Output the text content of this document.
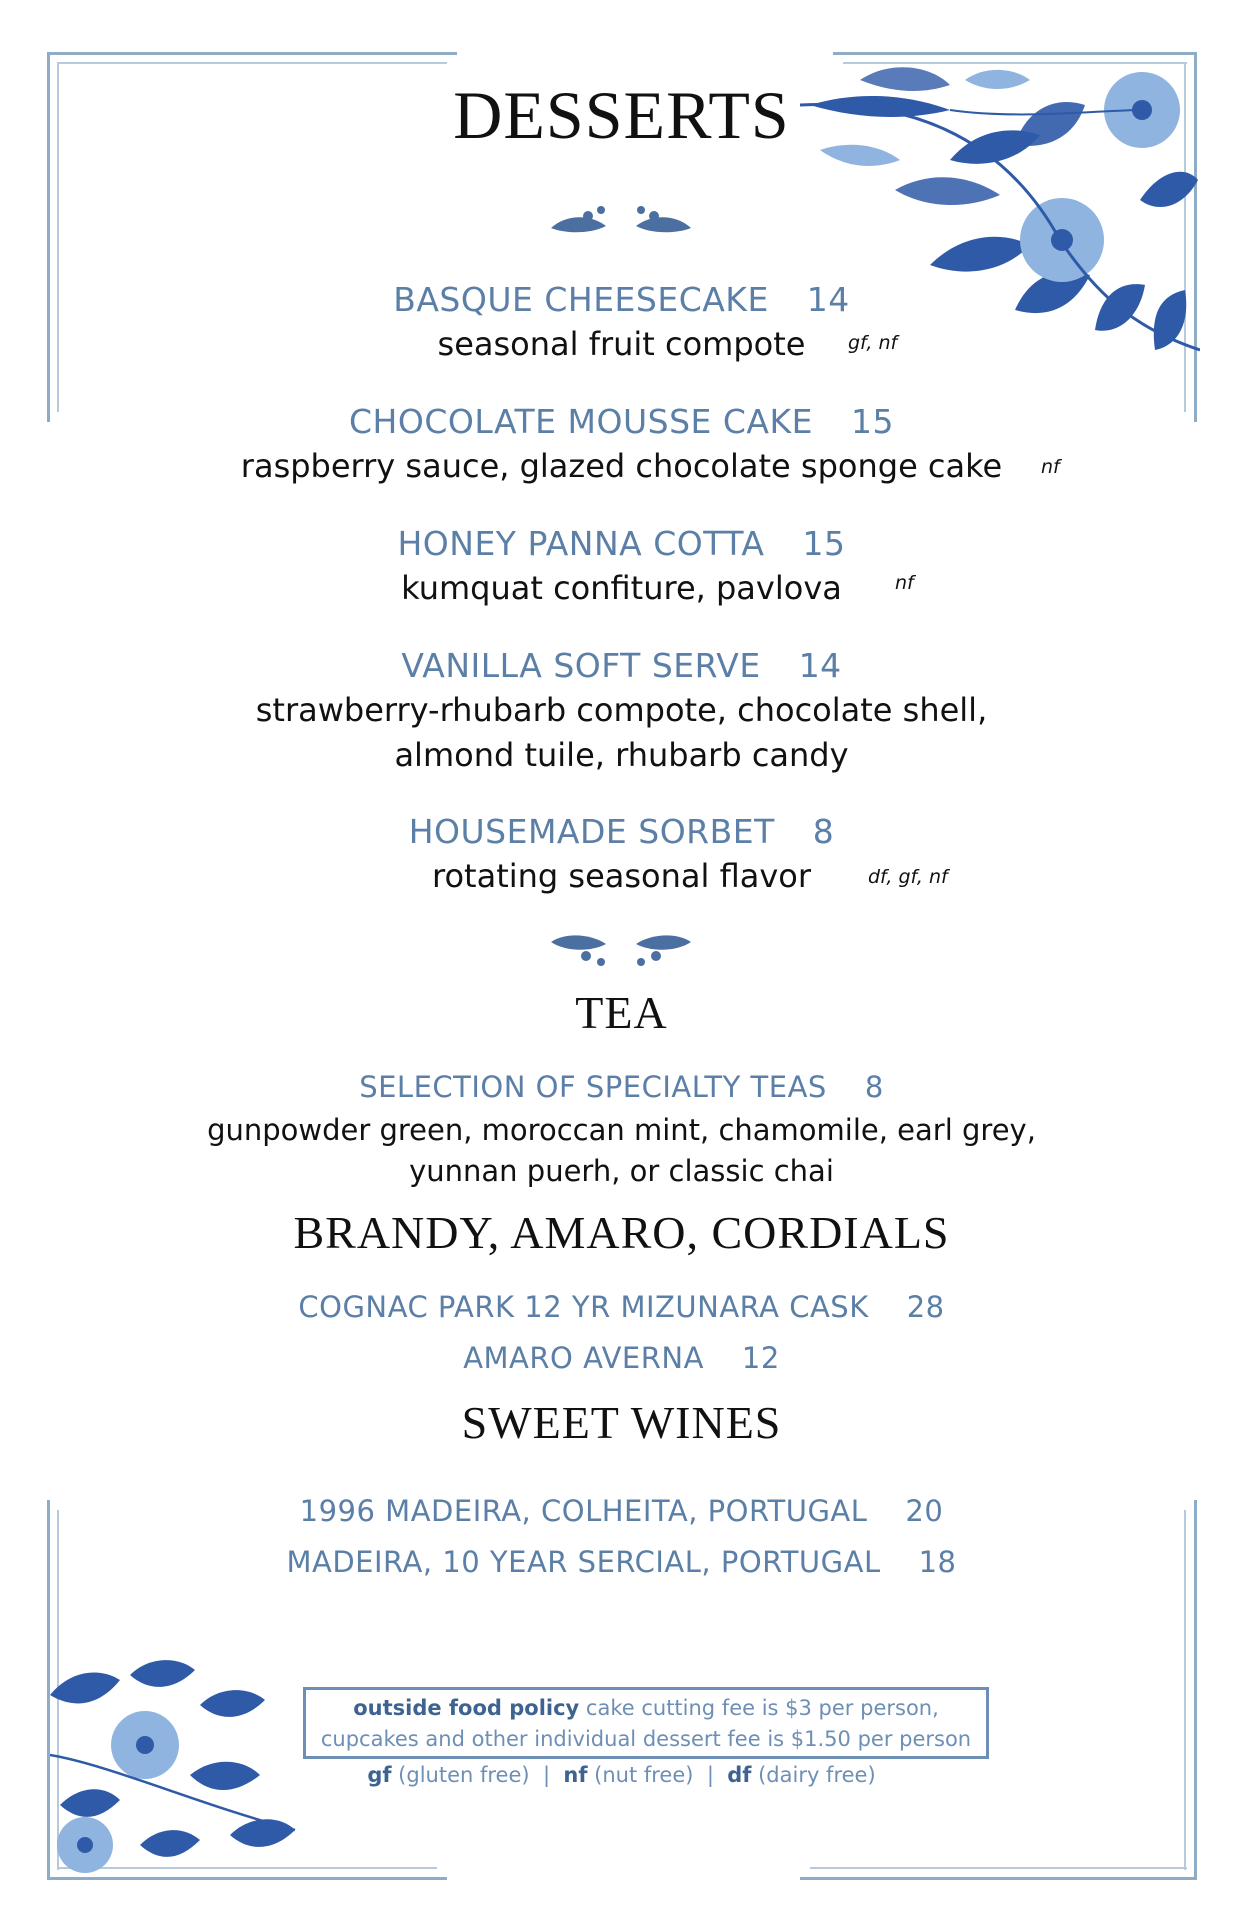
DESSERTS
BASQUE CHEESECAKE 14
seasonal fruit compote	gf, nf
CHOCOLATE MOUSSE CAKE 15
raspberry sauce, glazed chocolate sponge cake	nf
HONEY PANNA COTTA 15
kumquat confiture, pavlova	nf
VANILLA SOFT SERVE 14
strawberry-rhubarb compote, chocolate shell,
almond tuile, rhubarb candy
HOUSEMADE SORBET 8
rotating seasonal flavor	df, gf, nf
TEA
SELECTION OF SPECIALTY TEAS 8
gunpowder green, moroccan mint, chamomile, earl grey,
yunnan puerh, or classic chai
BRANDY, AMARO, CORDIALS
COGNAC PARK 12 YR MIZUNARA CASK 28
AMARO AVERNA 12
SWEET WINES
1996 MADEIRA, COLHEITA, PORTUGAL 20
MADEIRA, 10 YEAR SERCIAL, PORTUGAL 18
outside food policy cake cutting fee is $3 per person,
cupcakes and other individual dessert fee is $1.50 per person
gf (gluten free)  |  nf (nut free)  |  df (dairy free)
